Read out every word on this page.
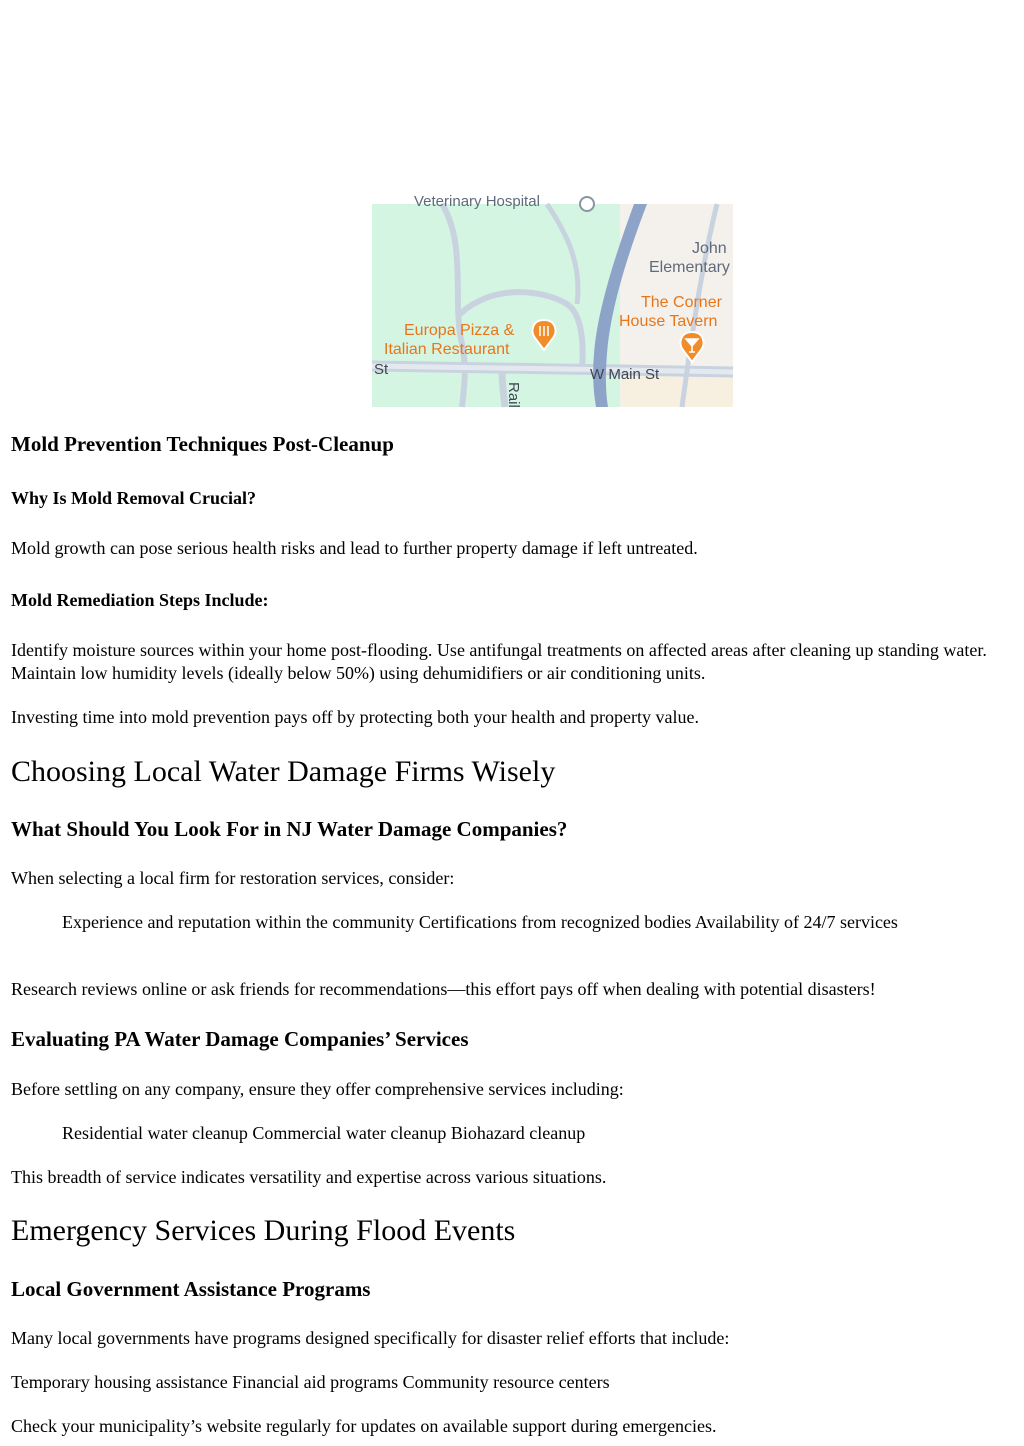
Veterinary Hospital
John
Elementary
The Corner
House Tavern
Europa Pizza &
Italian Restaurant
St	W Main St
Rail
Mold Prevention Techniques Post-Cleanup
Why Is Mold Removal Crucial?

Mold growth can pose serious health risks and lead to further property damage if left untreated.

Mold Remediation Steps Include:

Identify moisture sources within your home post-flooding. Use antifungal treatments on affected areas after cleaning up standing water. Maintain low humidity levels (ideally below 50%) using dehumidifiers or air conditioning units.

Investing time into mold prevention pays off by protecting both your health and property value.

Choosing Local Water Damage Firms Wisely
What Should You Look For in NJ Water Damage Companies?

When selecting a local firm for restoration services, consider:

Experience and reputation within the community Certifications from recognized bodies Availability of 24/7 services

Research reviews online or ask friends for recommendations—this effort pays off when dealing with potential disasters!

Evaluating PA Water Damage Companies’ Services

Before settling on any company, ensure they offer comprehensive services including:

Residential water cleanup Commercial water cleanup Biohazard cleanup

This breadth of service indicates versatility and expertise across various situations.

Emergency Services During Flood Events
Local Government Assistance Programs

Many local governments have programs designed specifically for disaster relief efforts that include:

Temporary housing assistance Financial aid programs Community resource centers

Check your municipality’s website regularly for updates on available support during emergencies.
